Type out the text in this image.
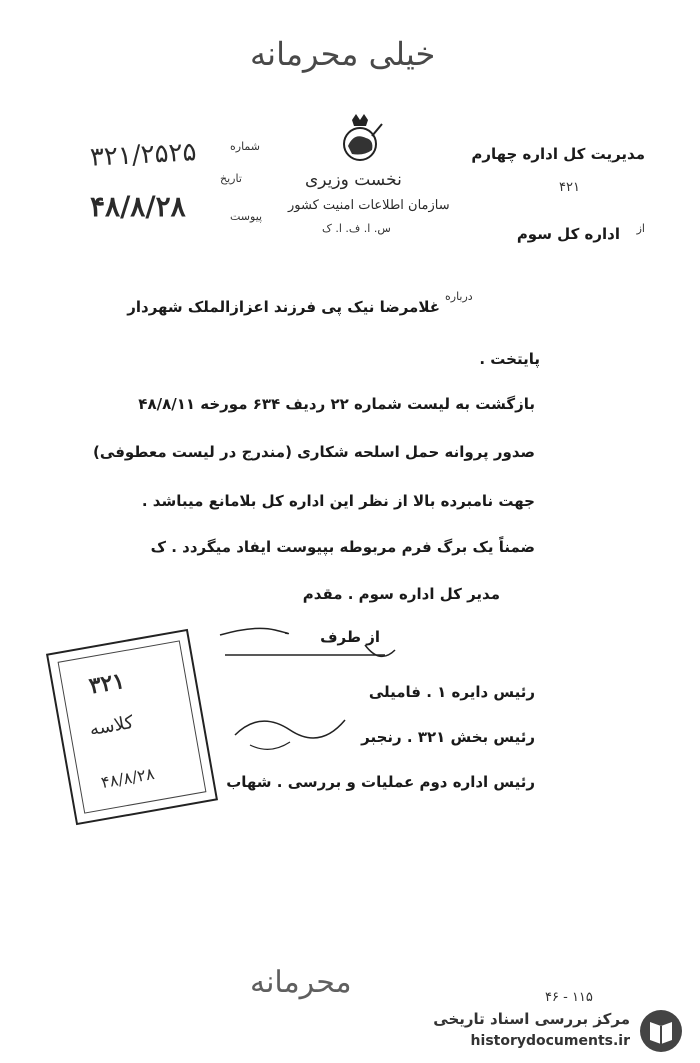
خیلی محرمانه
شماره
۳۲۱/۲۵۲۵
تاریخ
۴۸/۸/۲۸	پیوست
نخست وزیری
سازمان اطلاعات امنیت کشور
س. ا. ف. ا. ک
مدیریت کل اداره چهارم
۴۲۱
از
اداره کل سوم
درباره
غلامرضا نیک پی فرزند اعزازالملک شهردار
پایتخت .
بازگشت به لیست شماره ۲۲ ردیف ۶۳۴ مورخه ۴۸/۸/۱۱
صدور پروانه حمل اسلحه شکاری (مندرج در لیست معطوفی)
جهت نامبرده بالا از نظر این اداره کل بلامانع میباشد .
ضمناً یک برگ فرم مربوطه بپیوست ایفاد میگردد . ک
مدیر کل اداره سوم . مقدم
از طرف
رئیس دایره ۱ . فامیلی
رئیس بخش ۳۲۱ . رنجبر
رئیس اداره دوم عملیات و بررسی . شهاب
۳۲۱
کلاسه
۴۸/۸/۲۸
محرمانه	۱۱۵ - ۴۶
مرکز بررسی اسناد تاریخی
historydocuments.ir
